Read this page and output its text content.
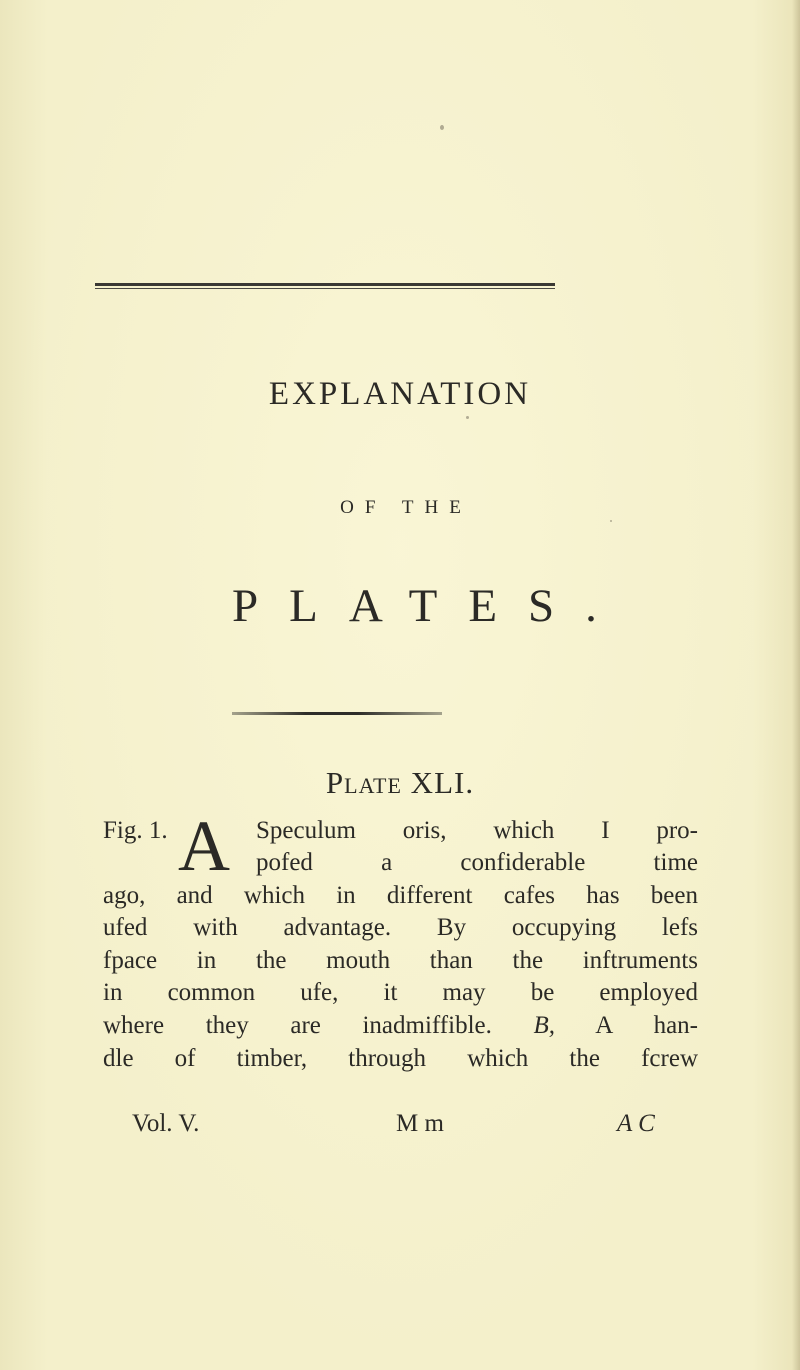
EXPLANATION
OF THE
PLATES.
Plate XLI.
Fig. 1. A Speculum oris, which I pro-
pofed a confiderable time
ago, and which in different cafes has been
ufed with advantage. By occupying lefs
fpace in the mouth than the inftruments
in common ufe, it may be employed
where they are inadmiffible. B, A han-
dle of timber, through which the fcrew
Vol. V.	M m	A C
